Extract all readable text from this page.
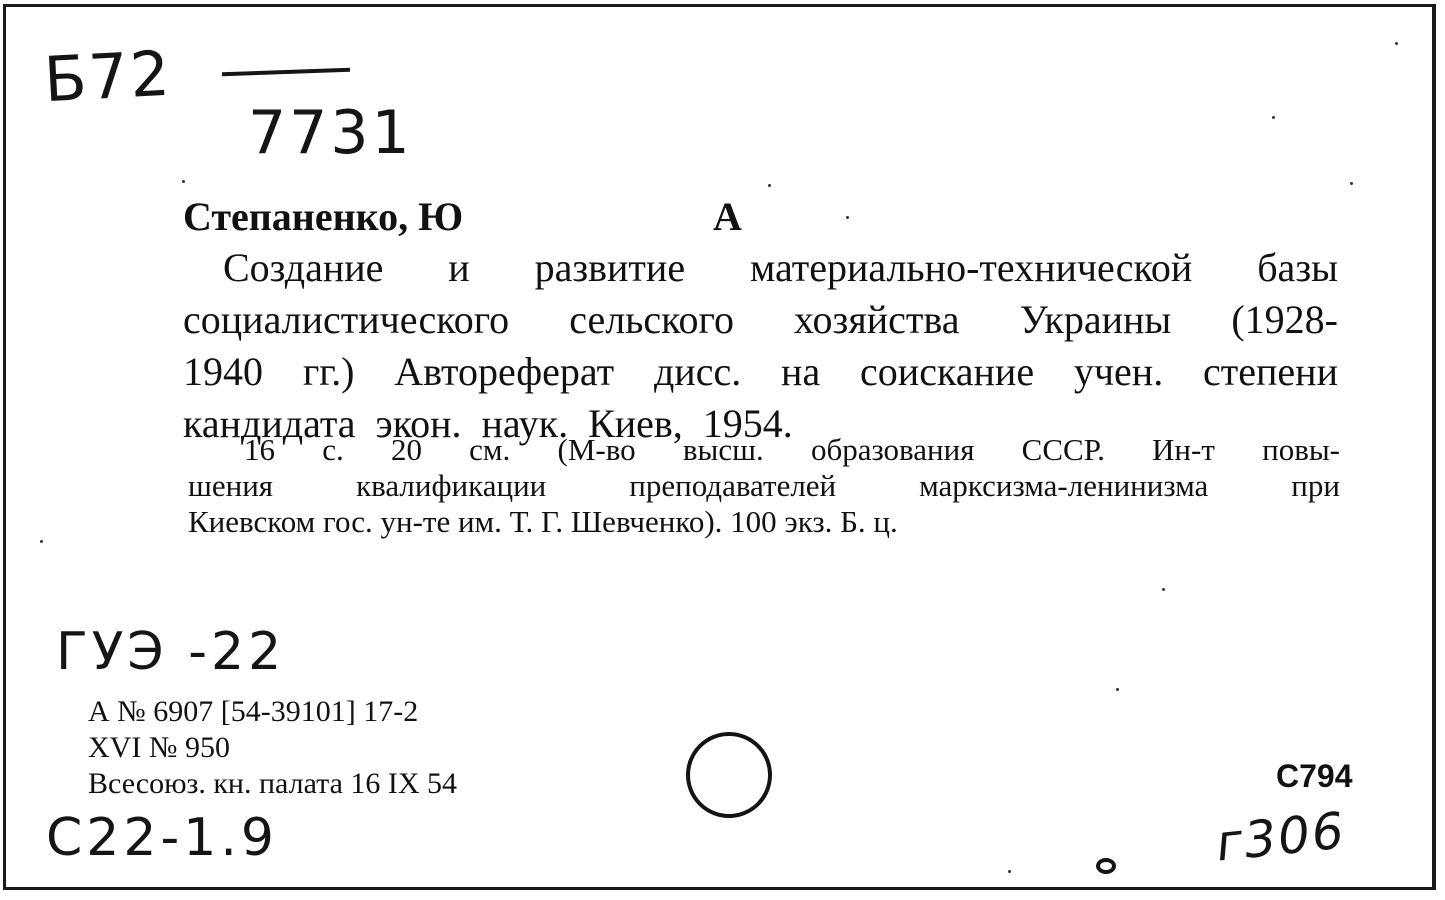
Б72
7731
Степаненко, Ю	А
Создание и развитие материально-технической базы
социалистического сельского хозяйства Украины (1928-
1940 гг.) Автореферат дисс. на соискание учен. степени
кандидата экон. наук. Киев, 1954.
16 с. 20 см. (М-во высш. образования СССР. Ин-т повы-
шения квалификации преподавателей марксизма-ленинизма при
Киевском гос. ун-те им. Т. Г. Шевченко). 100 экз. Б. ц.
ГУЭ -22
А № 6907 [54-39101] 17-2
XVI № 950
Всесоюз. кн. палата 16 IX 54	С794
С22-1.9	г306
